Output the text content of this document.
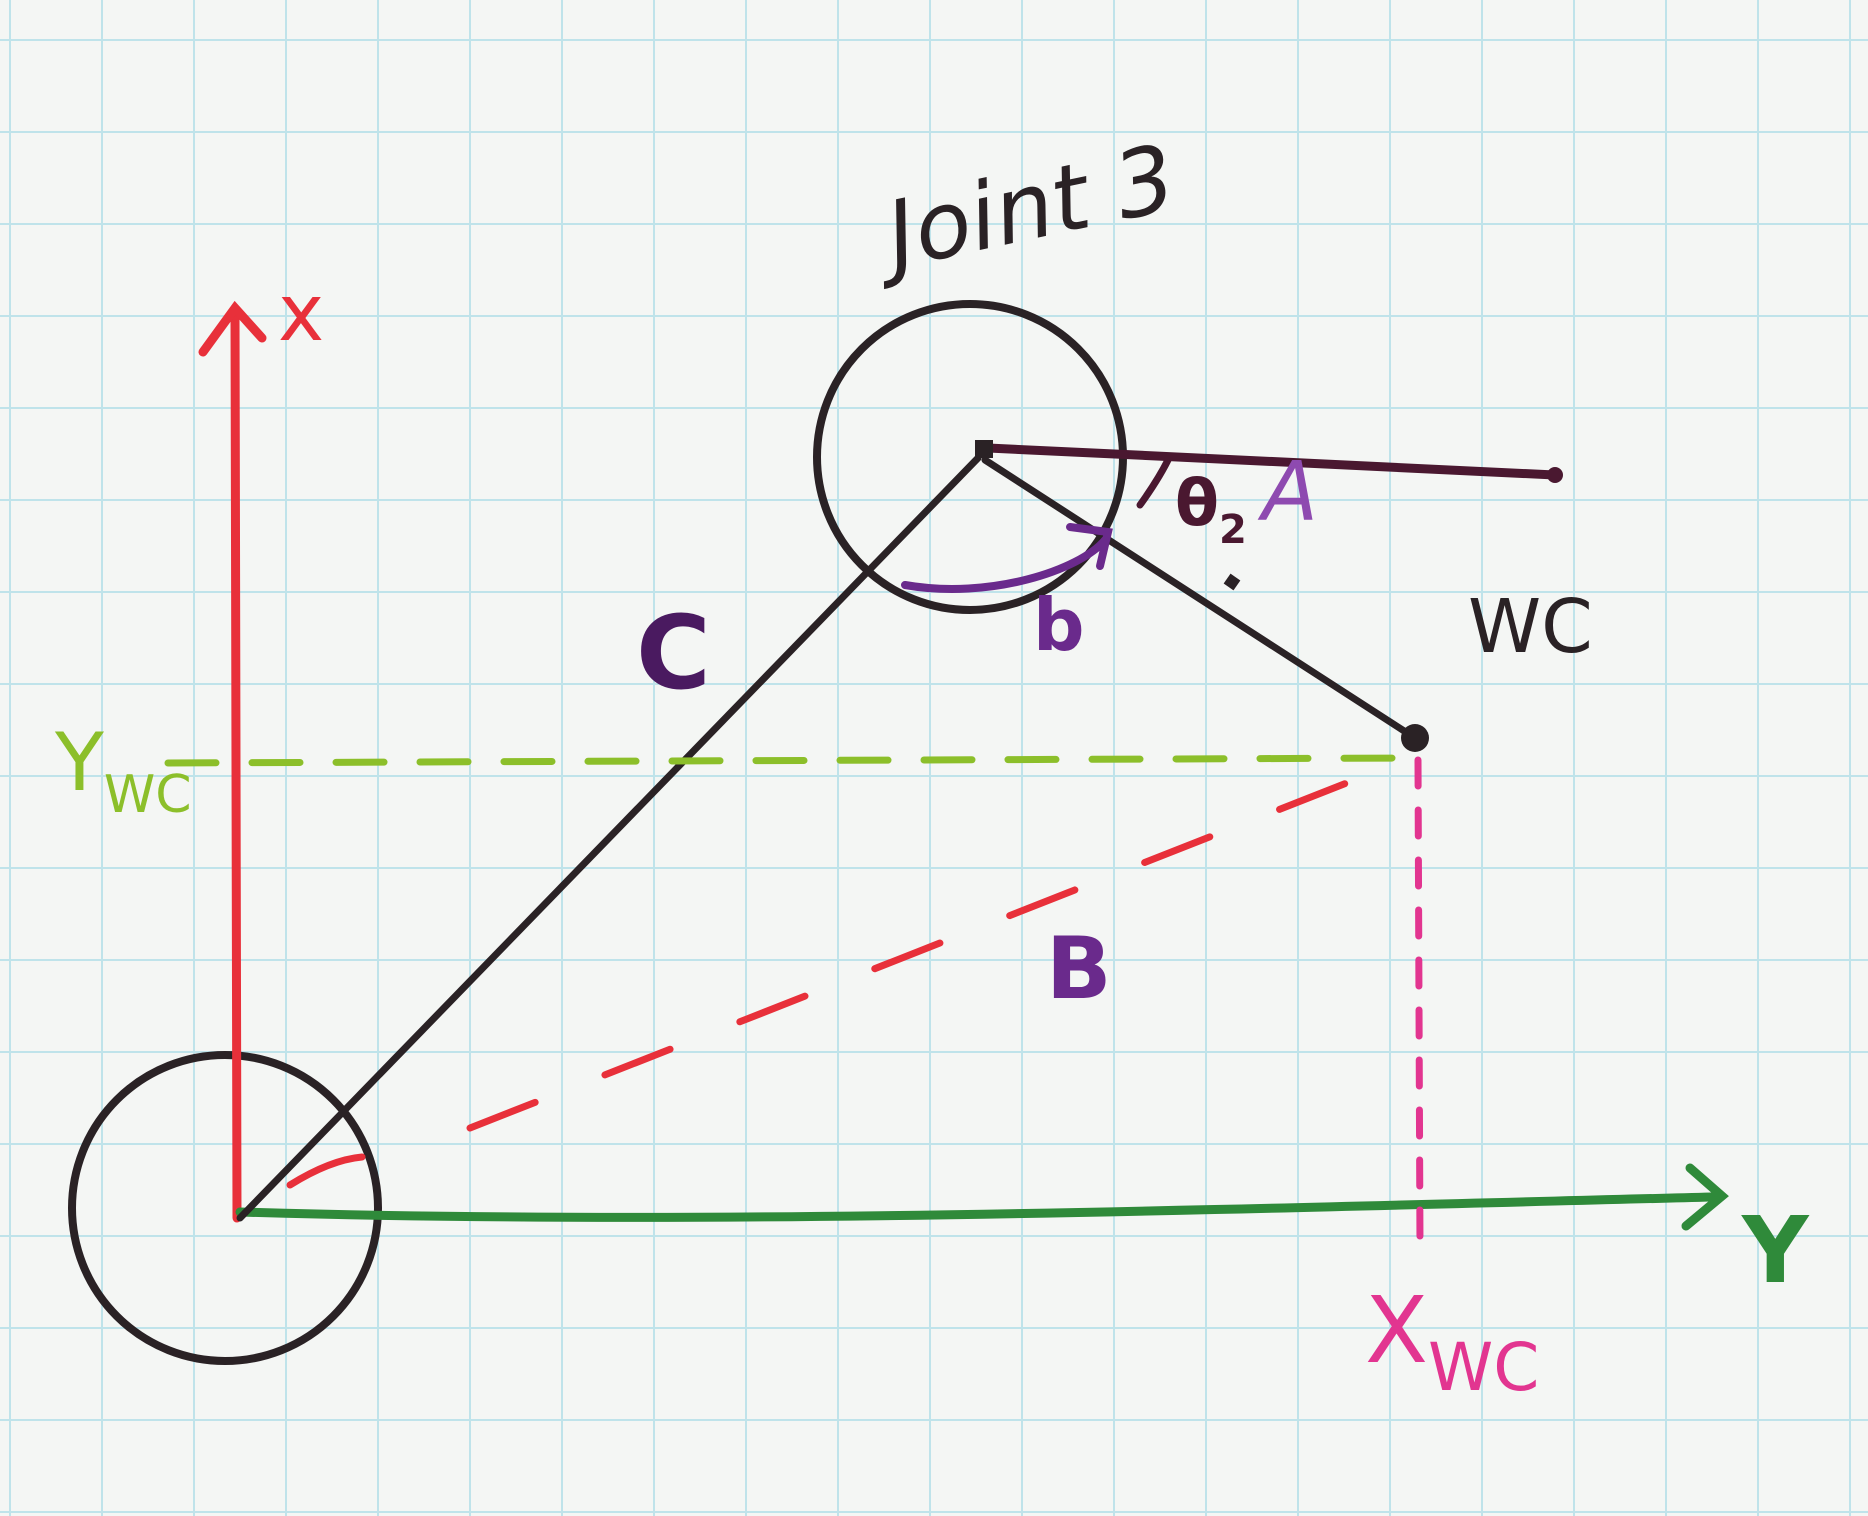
Joint 3
x
Y
$Y_{WC}$
$X_{WC}$
WC
A
B
C	b
$\theta_2$
